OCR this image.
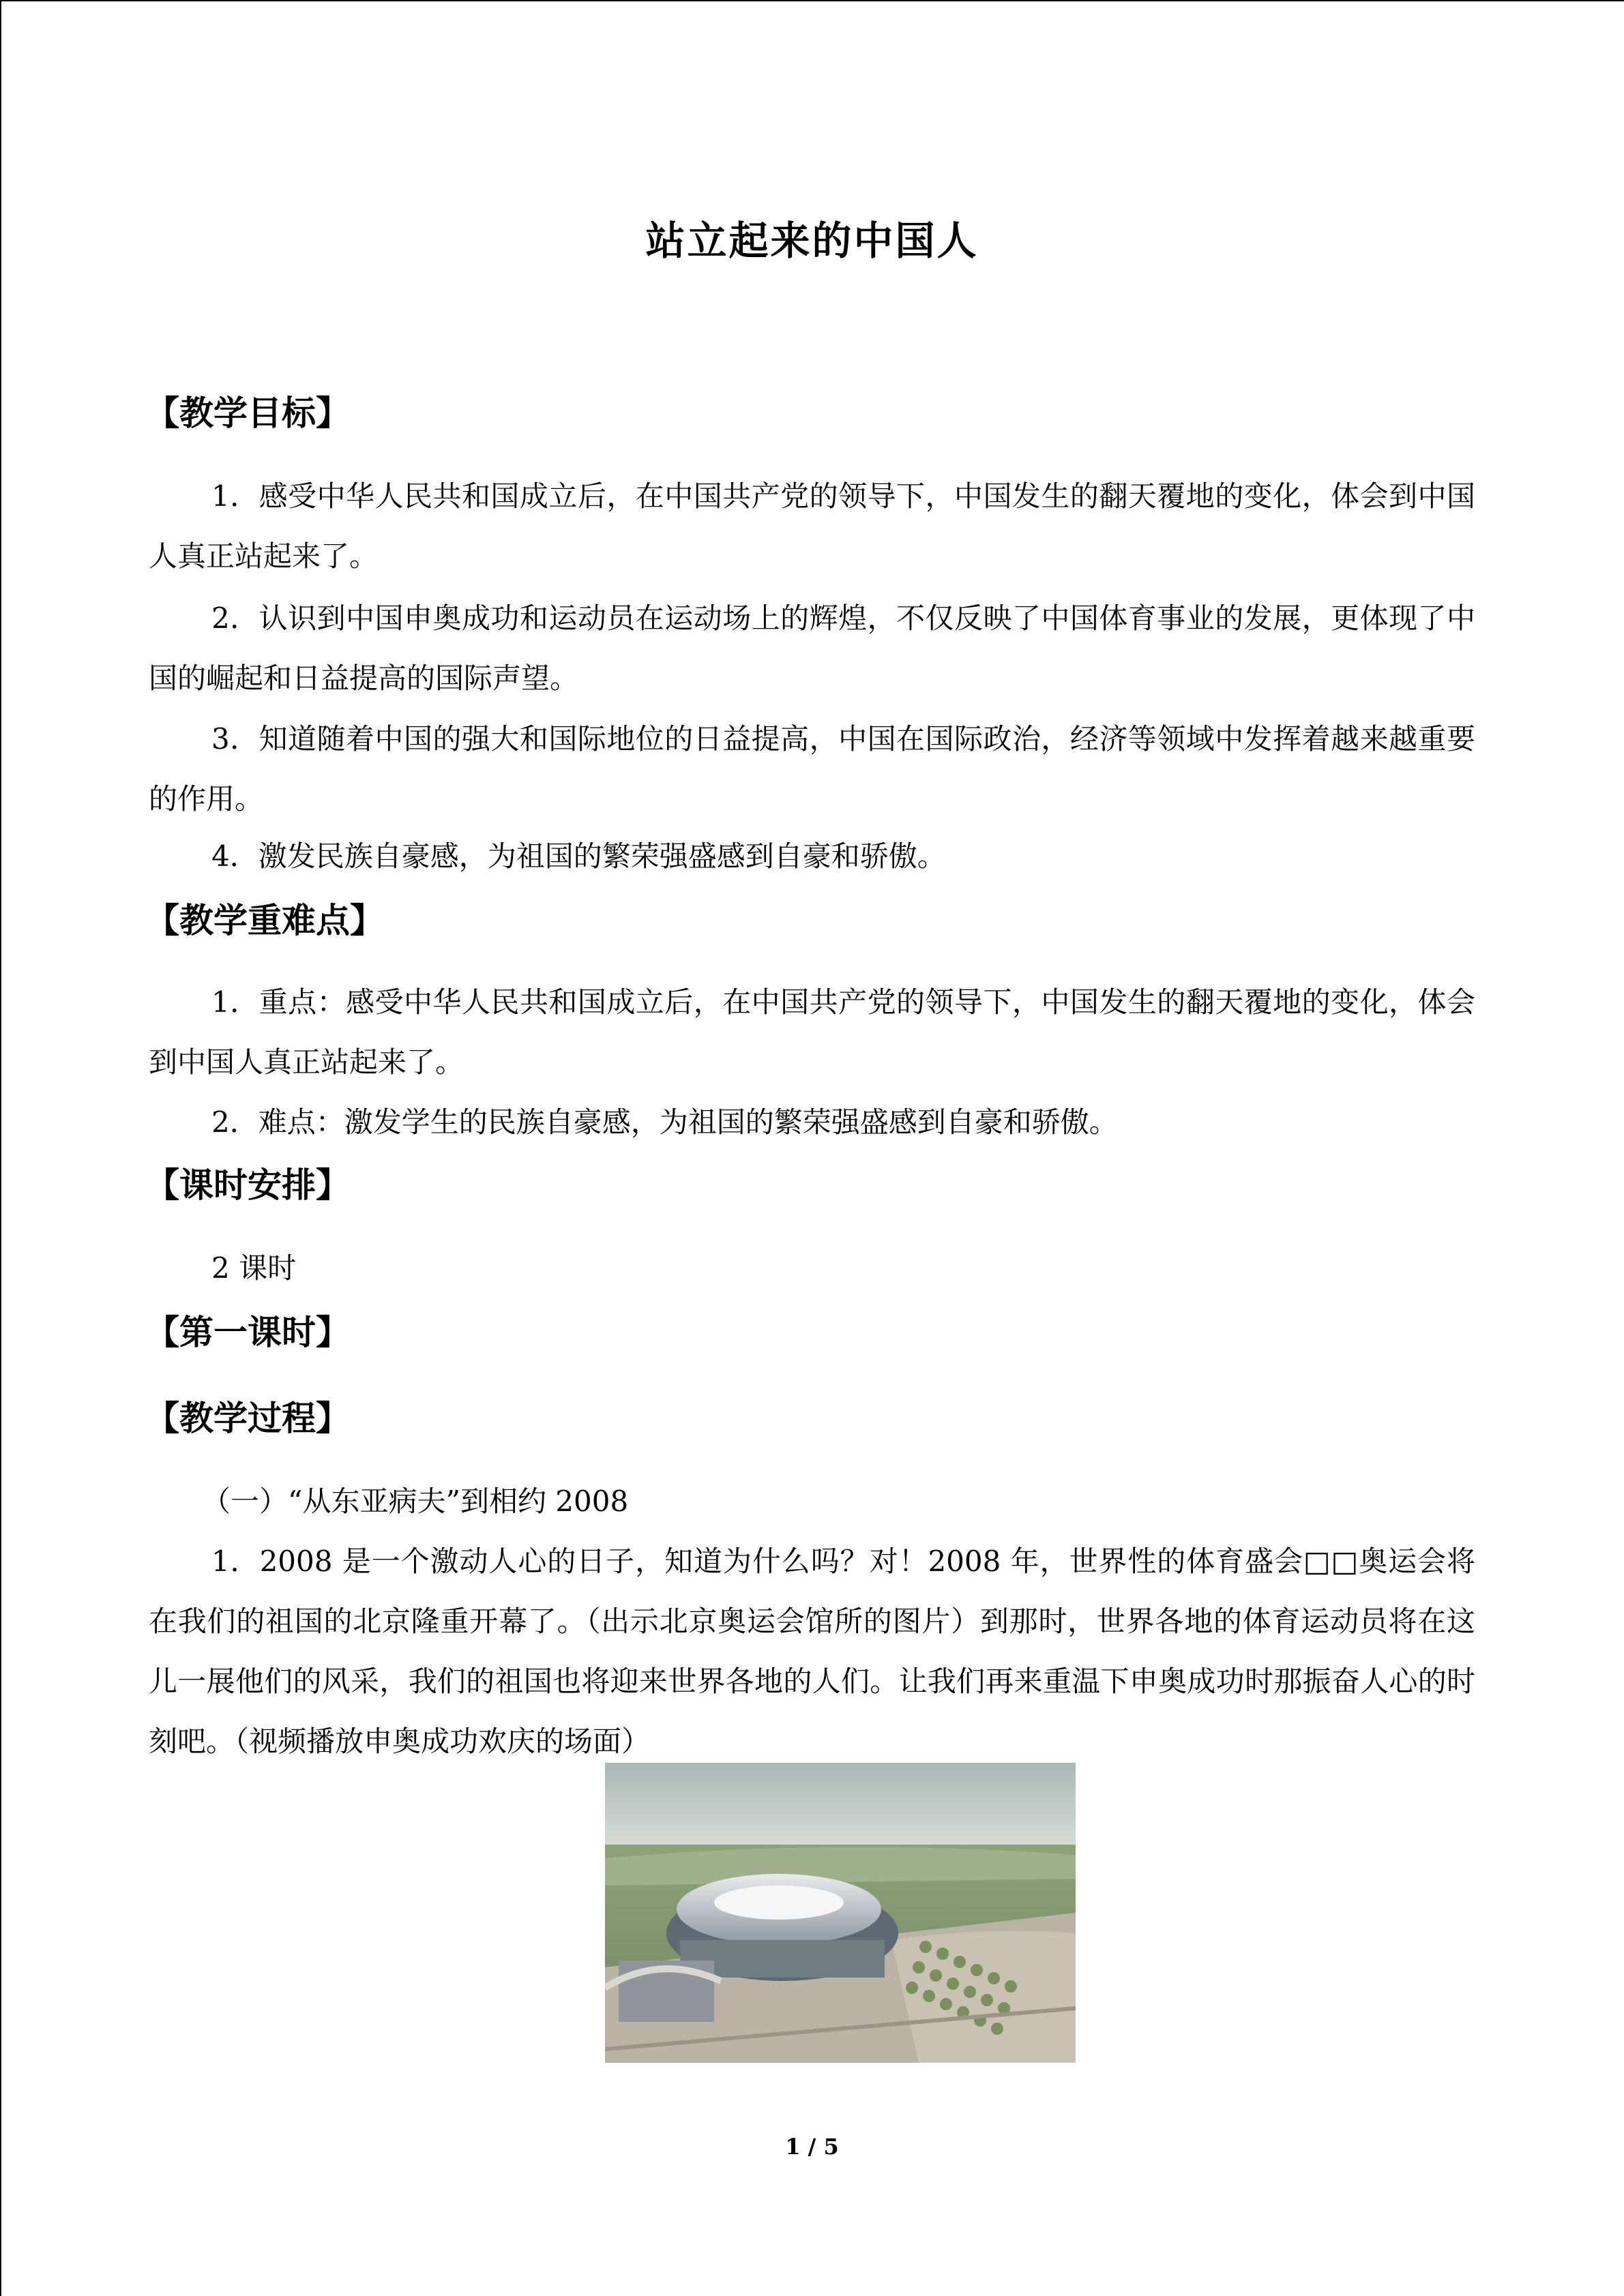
站立起来的中国人
【教学目标】
1．感受中华人民共和国成立后，在中国共产党的领导下，中国发生的翻天覆地的变化，体会到中国人真正站起来了。
2．认识到中国申奥成功和运动员在运动场上的辉煌，不仅反映了中国体育事业的发展，更体现了中国的崛起和日益提高的国际声望。
3．知道随着中国的强大和国际地位的日益提高，中国在国际政治，经济等领域中发挥着越来越重要的作用。
4．激发民族自豪感，为祖国的繁荣强盛感到自豪和骄傲。
【教学重难点】
1．重点：感受中华人民共和国成立后，在中国共产党的领导下，中国发生的翻天覆地的变化，体会到中国人真正站起来了。
2．难点：激发学生的民族自豪感，为祖国的繁荣强盛感到自豪和骄傲。
【课时安排】
2 课时
【第一课时】
【教学过程】
（一）“从东亚病夫”到相约 2008
1．2008 是一个激动人心的日子，知道为什么吗？对！2008 年，世界性的体育盛会□□奥运会将在我们的祖国的北京隆重开幕了。（出示北京奥运会馆所的图片）到那时，世界各地的体育运动员将在这儿一展他们的风采，我们的祖国也将迎来世界各地的人们。让我们再来重温下申奥成功时那振奋人心的时刻吧。（视频播放申奥成功欢庆的场面）
1 / 5
